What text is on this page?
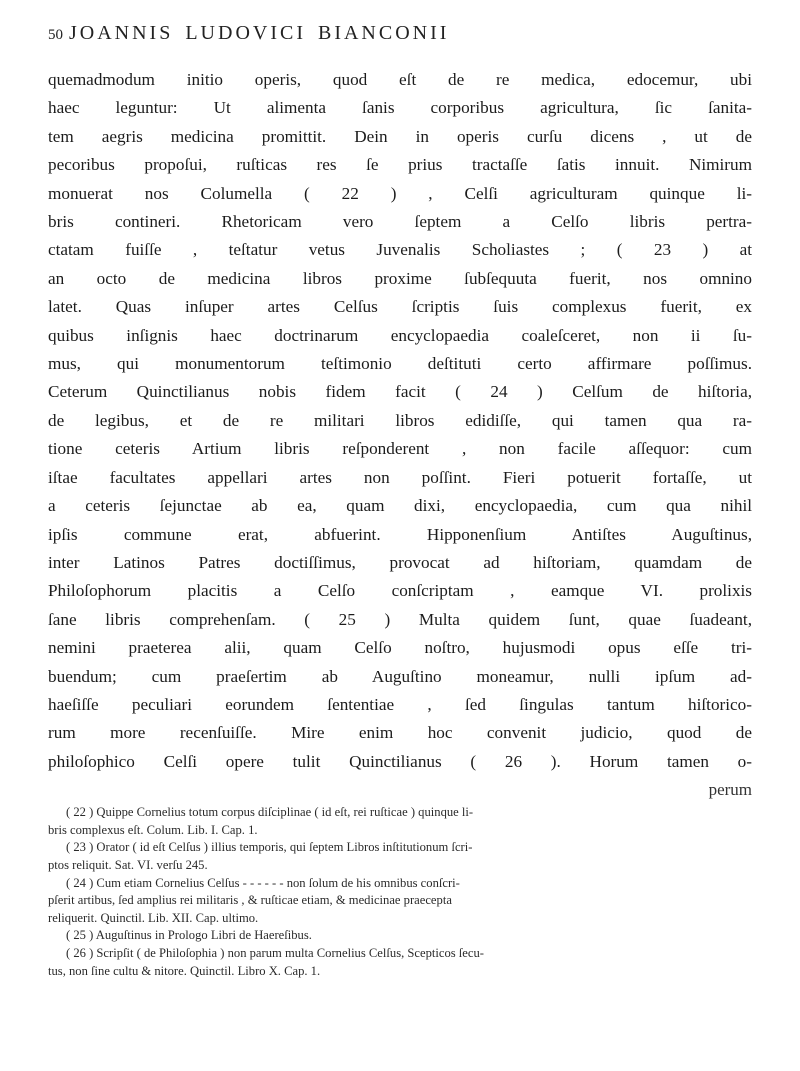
50 JOANNIS LUDOVICI BIANCONII
quemadmodum initio operis, quod eſt de re medica, edocemur, ubi
haec leguntur: Ut alimenta ſanis corporibus agricultura, ſic ſanita-
tem aegris medicina promittit. Dein in operis curſu dicens , ut de
pecoribus propoſui, ruſticas res ſe prius tractaſſe ſatis innuit. Nimirum
monuerat nos Columella ( 22 ) , Celſi agriculturam quinque li-
bris contineri. Rhetoricam vero ſeptem a Celſo libris pertra-
ctatam fuiſſe , teſtatur vetus Juvenalis Scholiastes ; ( 23 ) at
an octo de medicina libros proxime ſubſequuta fuerit, nos omnino
latet. Quas inſuper artes Celſus ſcriptis ſuis complexus fuerit, ex
quibus inſignis haec doctrinarum encyclopaedia coaleſceret, non ii ſu-
mus, qui monumentorum teſtimonio deſtituti certo affirmare poſſimus.
Ceterum Quinctilianus nobis fidem facit ( 24 ) Celſum de hiſtoria,
de legibus, et de re militari libros edidiſſe, qui tamen qua ra-
tione ceteris Artium libris reſponderent , non facile aſſequor: cum
iſtae facultates appellari artes non poſſint. Fieri potuerit fortaſſe, ut
a ceteris ſejunctae ab ea, quam dixi, encyclopaedia, cum qua nihil
ipſis commune erat, abfuerint. Hipponenſium Antiſtes Auguſtinus,
inter Latinos Patres doctiſſimus, provocat ad hiſtoriam, quamdam de
Philoſophorum placitis a Celſo conſcriptam , eamque VI. prolixis
ſane libris comprehenſam. ( 25 ) Multa quidem ſunt, quae ſuadeant,
nemini praeterea alii, quam Celſo noſtro, hujusmodi opus eſſe tri-
buendum; cum praeſertim ab Auguſtino moneamur, nulli ipſum ad-
haeſiſſe peculiari eorundem ſententiae , ſed ſingulas tantum hiſtorico-
rum more recenſuiſſe. Mire enim hoc convenit judicio, quod de
philoſophico Celſi opere tulit Quinctilianus ( 26 ). Horum tamen o-
perum
( 22 ) Quippe Cornelius totum corpus diſciplinae ( id eſt, rei ruſticae ) quinque li-
bris complexus eſt. Colum. Lib. I. Cap. 1.
( 23 ) Orator ( id eſt Celſus ) illius temporis, qui ſeptem Libros inſtitutionum ſcri-
ptos reliquit. Sat. VI. verſu 245.
( 24 ) Cum etiam Cornelius Celſus - - - - - - non ſolum de his omnibus conſcri-
pſerit artibus, ſed amplius rei militaris , & ruſticae etiam, & medicinae praecepta
reliquerit. Quinctil. Lib. XII. Cap. ultimo.
( 25 ) Auguſtinus in Prologo Libri de Haereſibus.
( 26 ) Scripſit ( de Philoſophia ) non parum multa Cornelius Celſus, Scepticos ſecu-
tus, non ſine cultu & nitore. Quinctil. Libro X. Cap. 1.
